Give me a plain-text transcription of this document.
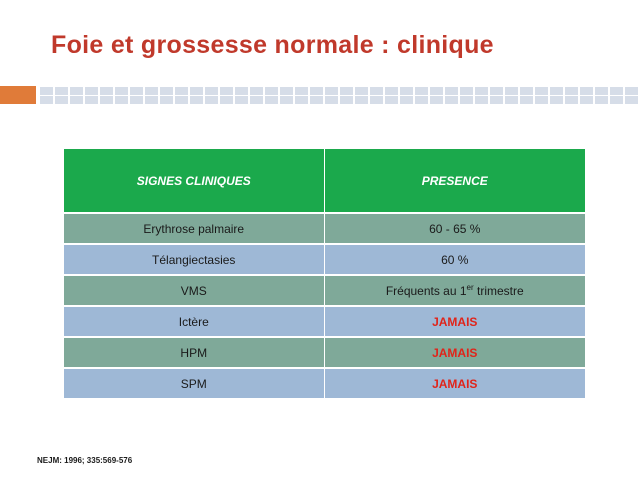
Foie et grossesse normale : clinique
SIGNES CLINIQUES	PRESENCE
Erythrose palmaire	60 - 65 %
Télangiectasies	60 %
VMS	Fréquents au 1er trimestre
Ictère	JAMAIS
HPM	JAMAIS
SPM	JAMAIS
NEJM: 1996; 335:569-576
